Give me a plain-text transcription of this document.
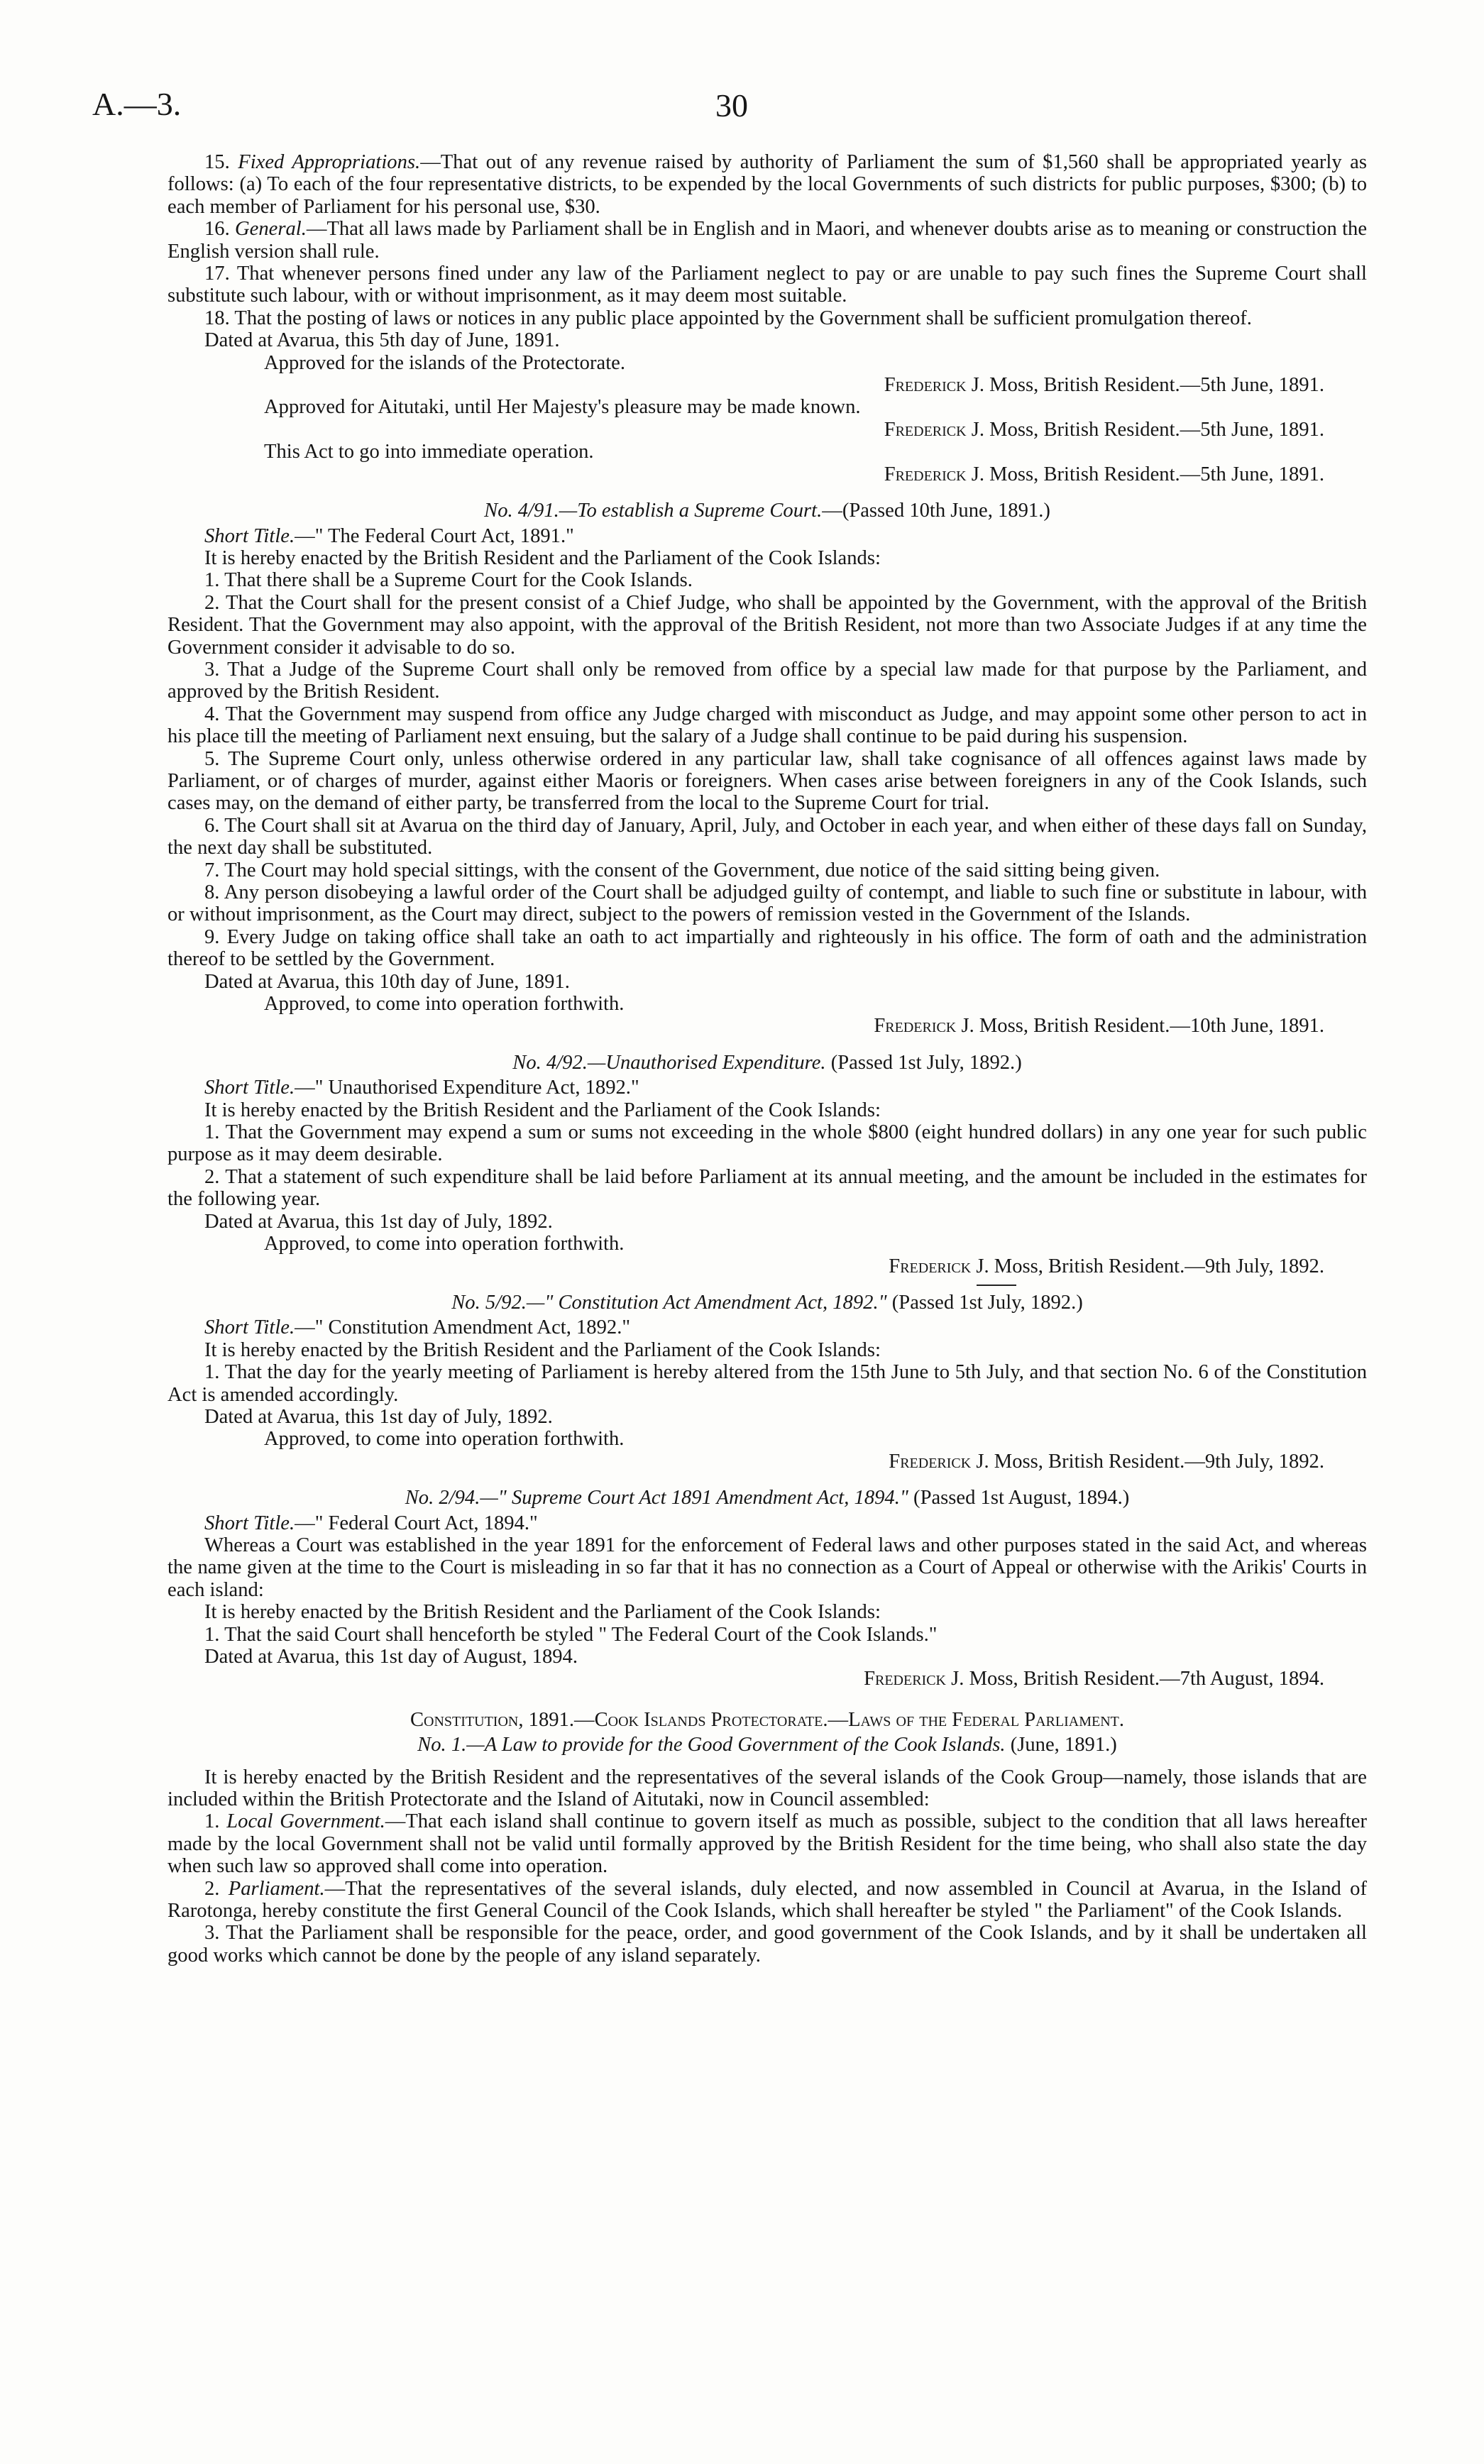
A.—3.	30

15. Fixed Appropriations.—That out of any revenue raised by authority of Parliament the sum of $1,560 shall be appropriated yearly as follows: (a) To each of the four representative districts, to be expended by the local Governments of such districts for public purposes, $300; (b) to each member of Parliament for his personal use, $30.

16. General.—That all laws made by Parliament shall be in English and in Maori, and whenever doubts arise as to meaning or construction the English version shall rule.

17. That whenever persons fined under any law of the Parliament neglect to pay or are unable to pay such fines the Supreme Court shall substitute such labour, with or without imprisonment, as it may deem most suitable.

18. That the posting of laws or notices in any public place appointed by the Government shall be sufficient promulgation thereof.

Dated at Avarua, this 5th day of June, 1891.

Approved for the islands of the Protectorate.

Frederick J. Moss, British Resident.—5th June, 1891.

Approved for Aitutaki, until Her Majesty's pleasure may be made known.

Frederick J. Moss, British Resident.—5th June, 1891.

This Act to go into immediate operation.

Frederick J. Moss, British Resident.—5th June, 1891.

No. 4/91.—To establish a Supreme Court.—(Passed 10th June, 1891.)

Short Title.—" The Federal Court Act, 1891."

It is hereby enacted by the British Resident and the Parliament of the Cook Islands:

1. That there shall be a Supreme Court for the Cook Islands.

2. That the Court shall for the present consist of a Chief Judge, who shall be appointed by the Government, with the approval of the British Resident. That the Government may also appoint, with the approval of the British Resident, not more than two Associate Judges if at any time the Government consider it advisable to do so.

3. That a Judge of the Supreme Court shall only be removed from office by a special law made for that purpose by the Parliament, and approved by the British Resident.

4. That the Government may suspend from office any Judge charged with misconduct as Judge, and may appoint some other person to act in his place till the meeting of Parliament next ensuing, but the salary of a Judge shall continue to be paid during his suspension.

5. The Supreme Court only, unless otherwise ordered in any particular law, shall take cognisance of all offences against laws made by Parliament, or of charges of murder, against either Maoris or foreigners. When cases arise between foreigners in any of the Cook Islands, such cases may, on the demand of either party, be transferred from the local to the Supreme Court for trial.

6. The Court shall sit at Avarua on the third day of January, April, July, and October in each year, and when either of these days fall on Sunday, the next day shall be substituted.

7. The Court may hold special sittings, with the consent of the Government, due notice of the said sitting being given.

8. Any person disobeying a lawful order of the Court shall be adjudged guilty of contempt, and liable to such fine or substitute in labour, with or without imprisonment, as the Court may direct, subject to the powers of remission vested in the Government of the Islands.

9. Every Judge on taking office shall take an oath to act impartially and righteously in his office. The form of oath and the administration thereof to be settled by the Government.

Dated at Avarua, this 10th day of June, 1891.

Approved, to come into operation forthwith.

Frederick J. Moss, British Resident.—10th June, 1891.

No. 4/92.—Unauthorised Expenditure. (Passed 1st July, 1892.)

Short Title.—" Unauthorised Expenditure Act, 1892."

It is hereby enacted by the British Resident and the Parliament of the Cook Islands:

1. That the Government may expend a sum or sums not exceeding in the whole $800 (eight hundred dollars) in any one year for such public purpose as it may deem desirable.

2. That a statement of such expenditure shall be laid before Parliament at its annual meeting, and the amount be included in the estimates for the following year.

Dated at Avarua, this 1st day of July, 1892.

Approved, to come into operation forthwith.

Frederick J. Moss, British Resident.—9th July, 1892.

No. 5/92.—" Constitution Act Amendment Act, 1892." (Passed 1st July, 1892.)

Short Title.—" Constitution Amendment Act, 1892."

It is hereby enacted by the British Resident and the Parliament of the Cook Islands:

1. That the day for the yearly meeting of Parliament is hereby altered from the 15th June to 5th July, and that section No. 6 of the Constitution Act is amended accordingly.

Dated at Avarua, this 1st day of July, 1892.

Approved, to come into operation forthwith.

Frederick J. Moss, British Resident.—9th July, 1892.

No. 2/94.—" Supreme Court Act 1891 Amendment Act, 1894." (Passed 1st August, 1894.)

Short Title.—" Federal Court Act, 1894."

Whereas a Court was established in the year 1891 for the enforcement of Federal laws and other purposes stated in the said Act, and whereas the name given at the time to the Court is misleading in so far that it has no connection as a Court of Appeal or otherwise with the Arikis' Courts in each island:

It is hereby enacted by the British Resident and the Parliament of the Cook Islands:

1. That the said Court shall henceforth be styled " The Federal Court of the Cook Islands."

Dated at Avarua, this 1st day of August, 1894.

Frederick J. Moss, British Resident.—7th August, 1894.

Constitution, 1891.—Cook Islands Protectorate.—Laws of the Federal Parliament.

No. 1.—A Law to provide for the Good Government of the Cook Islands. (June, 1891.)

It is hereby enacted by the British Resident and the representatives of the several islands of the Cook Group—namely, those islands that are included within the British Protectorate and the Island of Aitutaki, now in Council assembled:

1. Local Government.—That each island shall continue to govern itself as much as possible, subject to the condition that all laws hereafter made by the local Government shall not be valid until formally approved by the British Resident for the time being, who shall also state the day when such law so approved shall come into operation.

2. Parliament.—That the representatives of the several islands, duly elected, and now assembled in Council at Avarua, in the Island of Rarotonga, hereby constitute the first General Council of the Cook Islands, which shall hereafter be styled " the Parliament" of the Cook Islands.

3. That the Parliament shall be responsible for the peace, order, and good government of the Cook Islands, and by it shall be undertaken all good works which cannot be done by the people of any island separately.
